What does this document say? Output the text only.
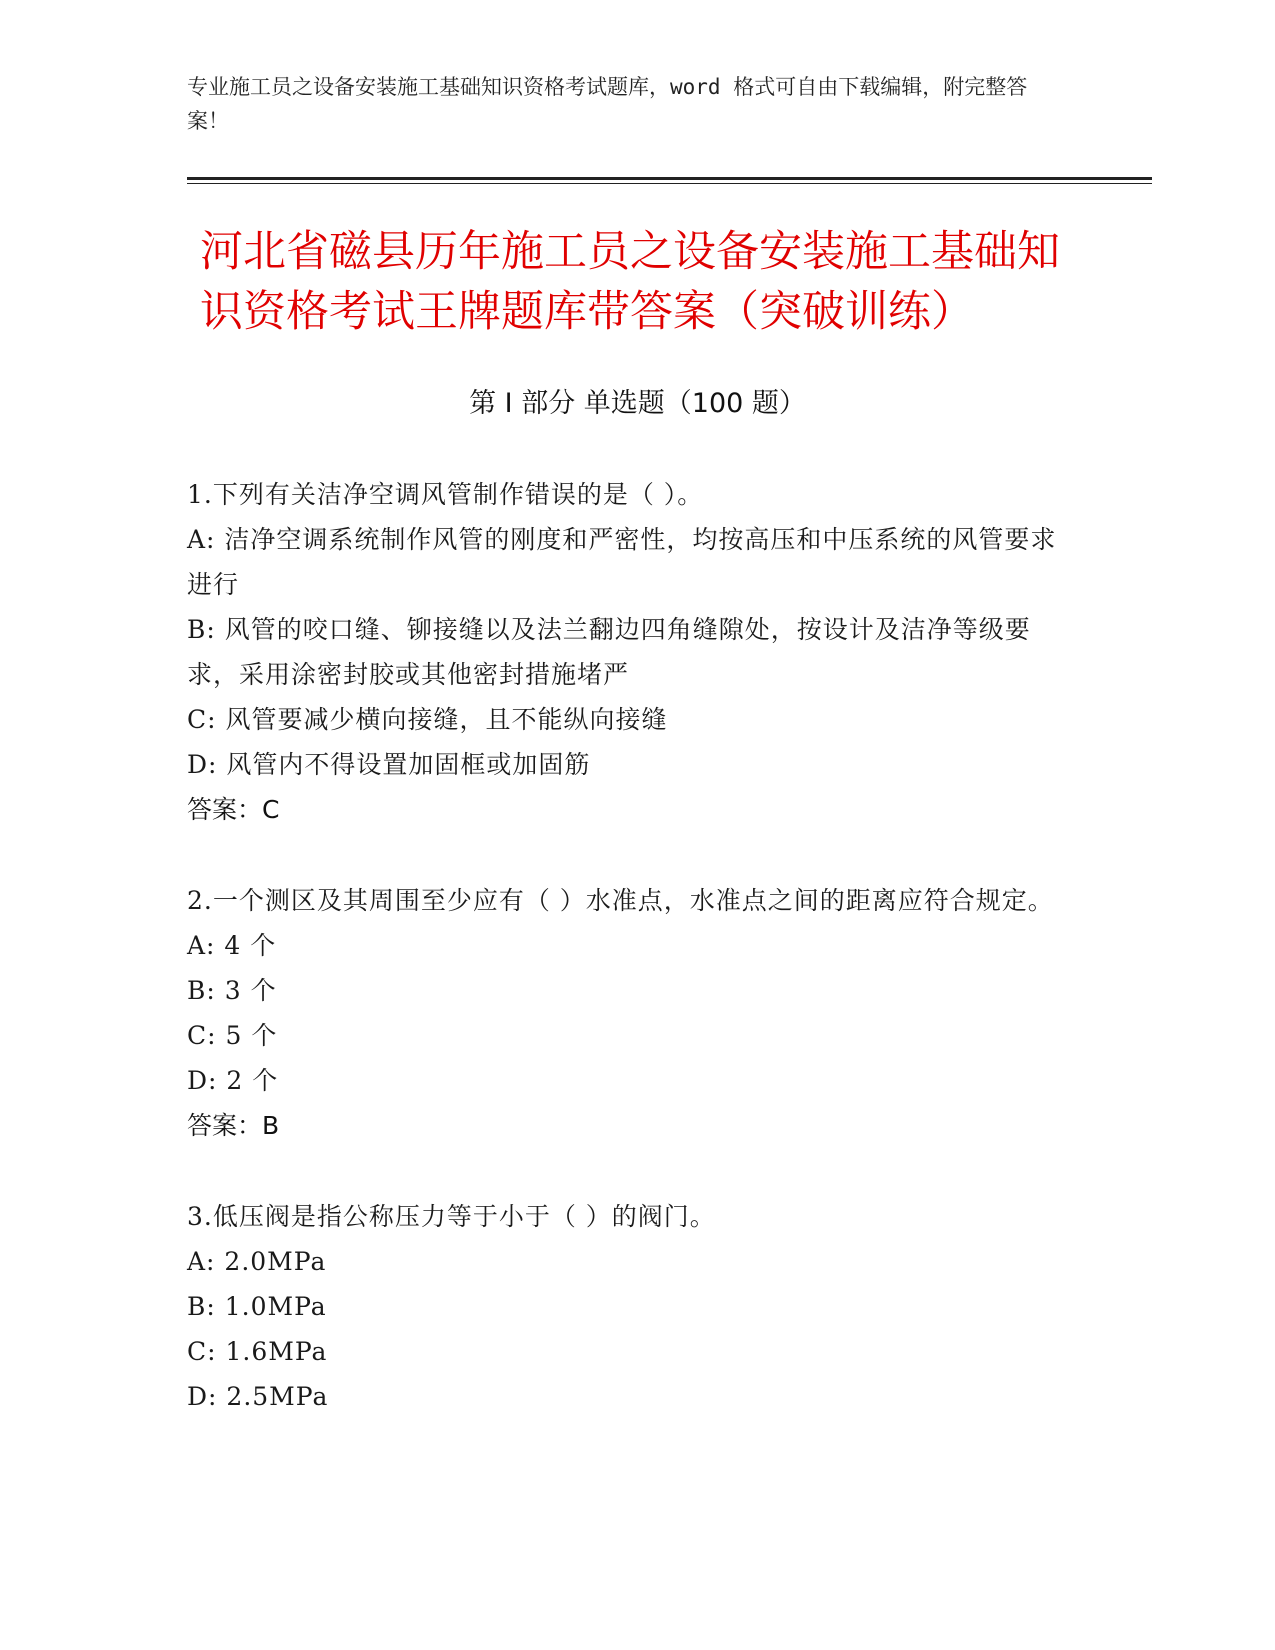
专业施工员之设备安装施工基础知识资格考试题库，word 格式可自由下载编辑，附完整答案！
河北省磁县历年施工员之设备安装施工基础知识资格考试王牌题库带答案（突破训练）
第 I 部分 单选题（100 题）
1.下列有关洁净空调风管制作错误的是（ ）。
A: 洁净空调系统制作风管的刚度和严密性，均按高压和中压系统的风管要求进行
B: 风管的咬口缝、铆接缝以及法兰翻边四角缝隙处，按设计及洁净等级要求，采用涂密封胶或其他密封措施堵严
C: 风管要减少横向接缝，且不能纵向接缝
D: 风管内不得设置加固框或加固筋
答案：C
2.一个测区及其周围至少应有（ ）水准点，水准点之间的距离应符合规定。
A: 4 个
B: 3 个
C: 5 个
D: 2 个
答案：B
3.低压阀是指公称压力等于小于（ ）的阀门。
A: 2.0MPa
B: 1.0MPa
C: 1.6MPa
D: 2.5MPa
